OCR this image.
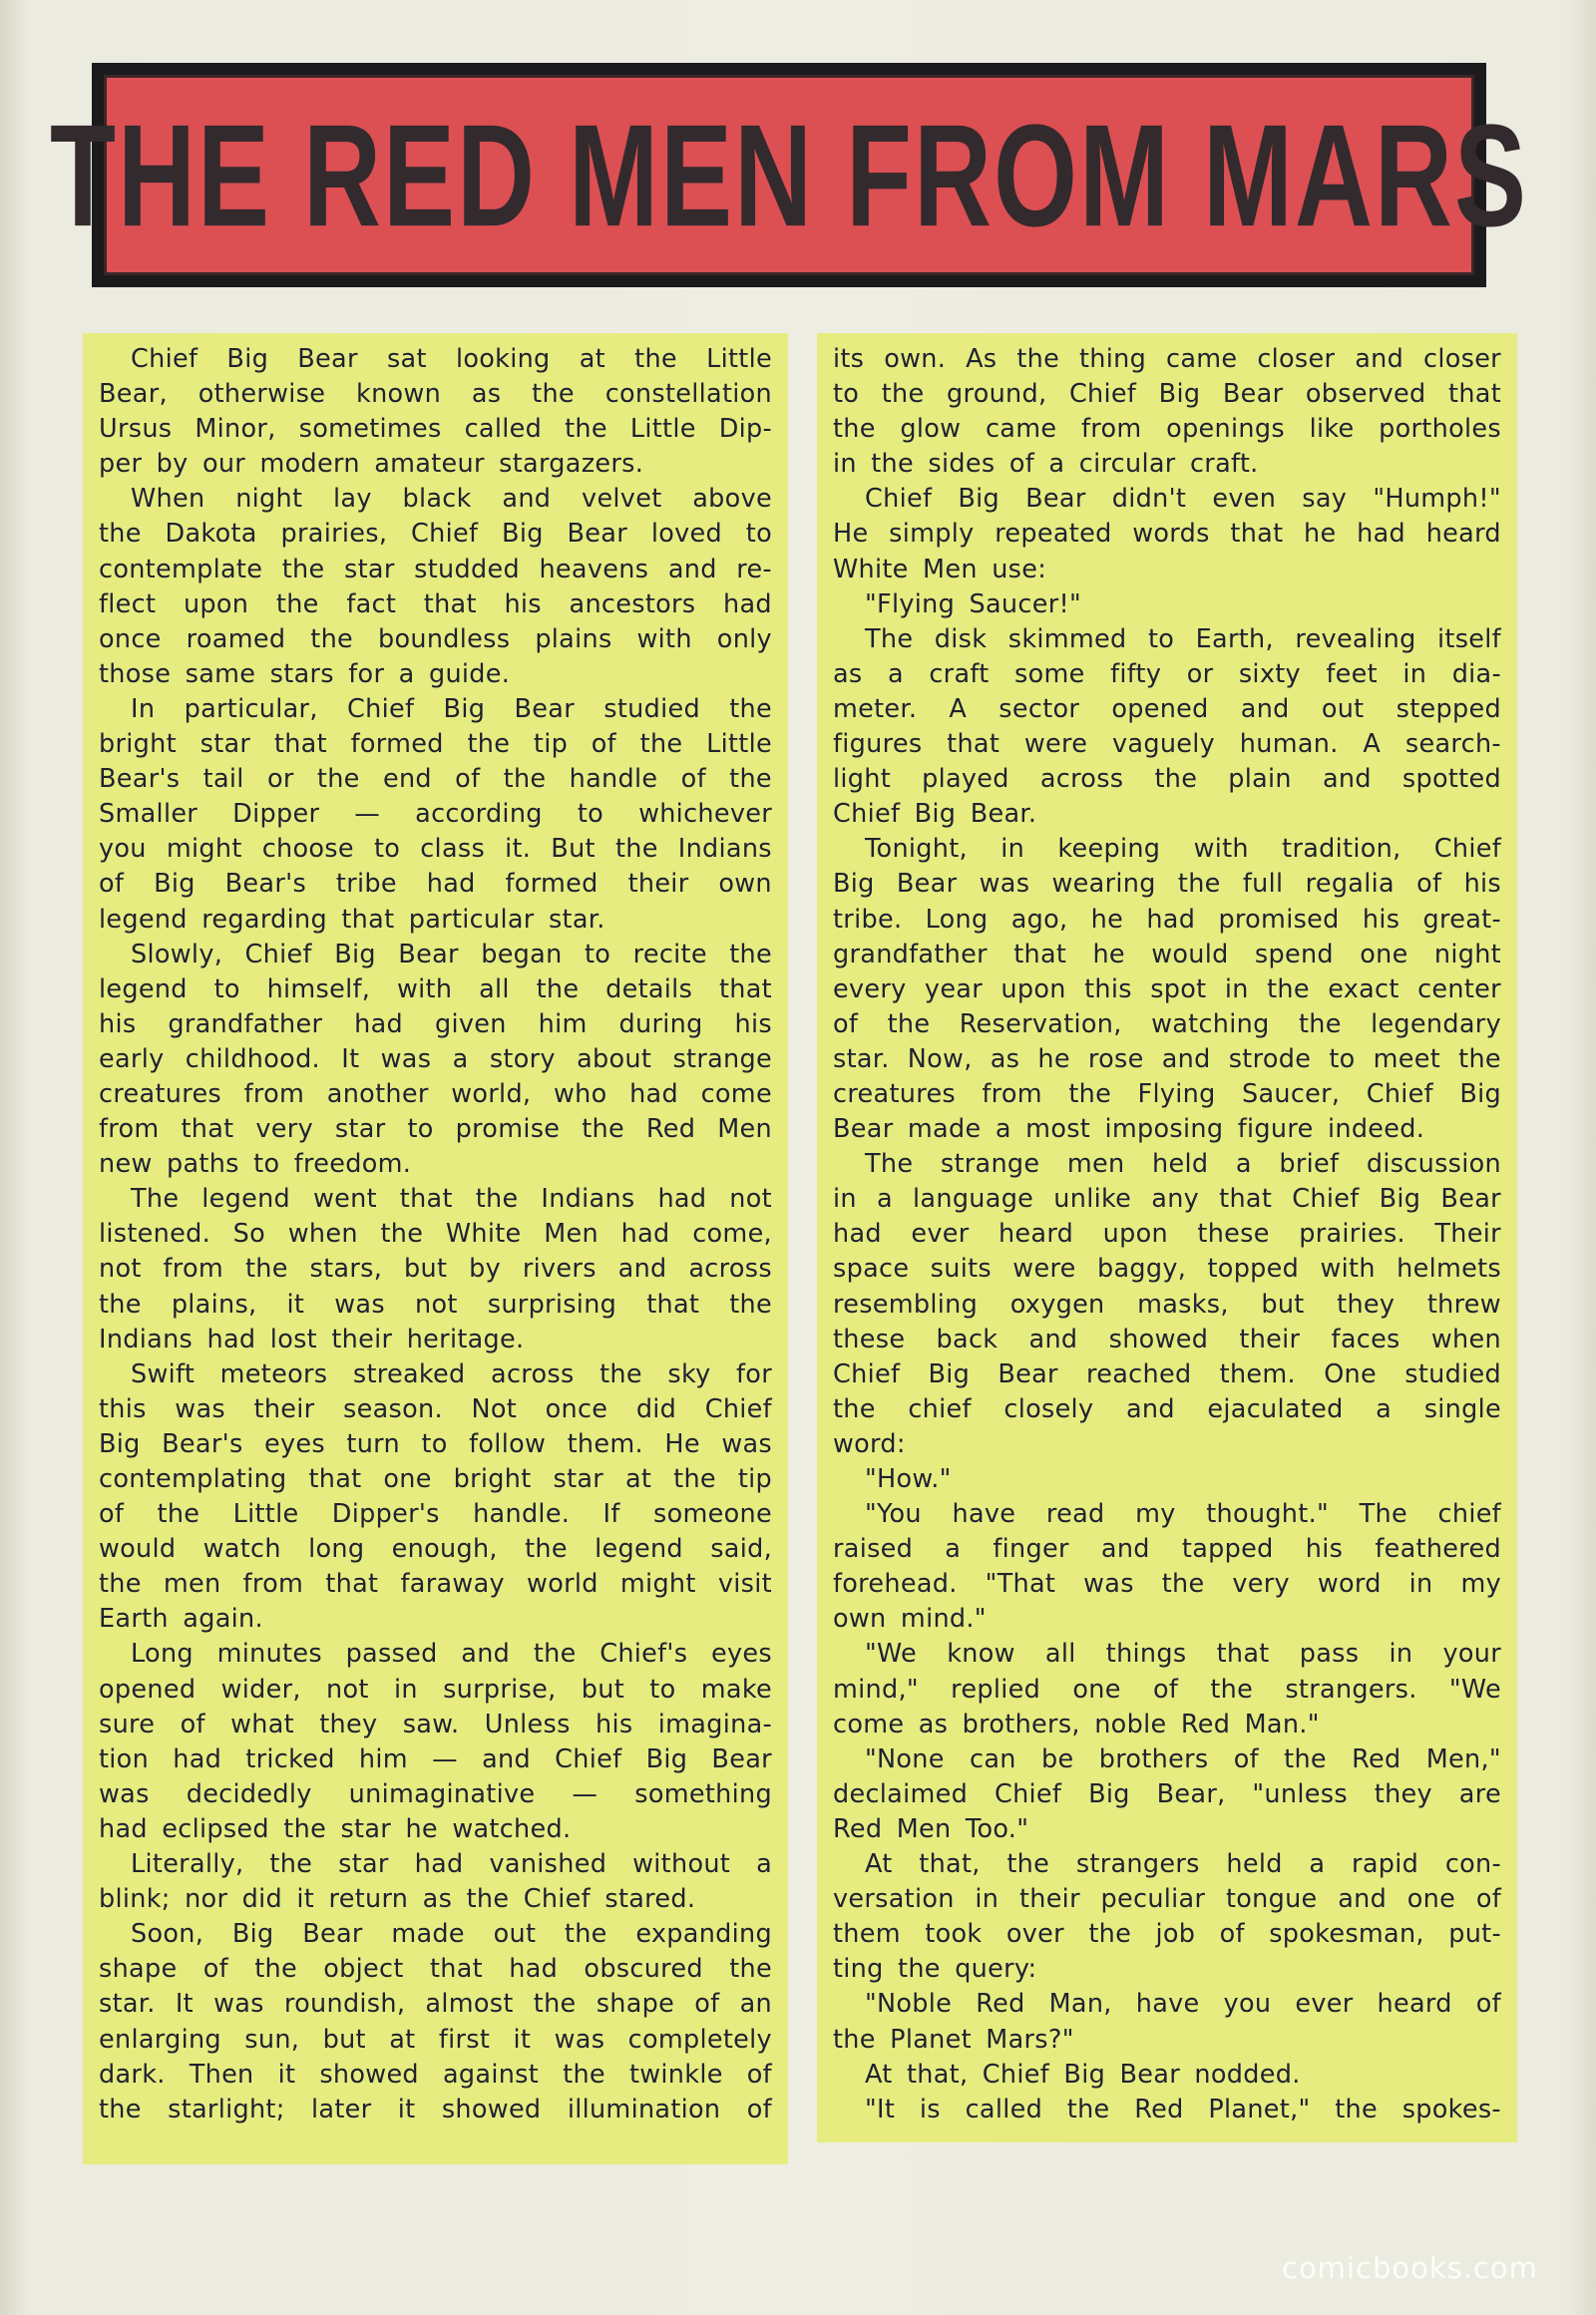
THE RED MEN FROM MARS
Chief Big Bear sat looking at the Little
Bear, otherwise known as the constellation
Ursus Minor, sometimes called the Little Dip-
per by our modern amateur stargazers.
When night lay black and velvet above
the Dakota prairies, Chief Big Bear loved to
contemplate the star studded heavens and re-
flect upon the fact that his ancestors had
once roamed the boundless plains with only
those same stars for a guide.
In particular, Chief Big Bear studied the
bright star that formed the tip of the Little
Bear's tail or the end of the handle of the
Smaller Dipper — according to whichever
you might choose to class it. But the Indians
of Big Bear's tribe had formed their own
legend regarding that particular star.
Slowly, Chief Big Bear began to recite the
legend to himself, with all the details that
his grandfather had given him during his
early childhood. It was a story about strange
creatures from another world, who had come
from that very star to promise the Red Men
new paths to freedom.
The legend went that the Indians had not
listened. So when the White Men had come,
not from the stars, but by rivers and across
the plains, it was not surprising that the
Indians had lost their heritage.
Swift meteors streaked across the sky for
this was their season. Not once did Chief
Big Bear's eyes turn to follow them. He was
contemplating that one bright star at the tip
of the Little Dipper's handle. If someone
would watch long enough, the legend said,
the men from that faraway world might visit
Earth again.
Long minutes passed and the Chief's eyes
opened wider, not in surprise, but to make
sure of what they saw. Unless his imagina-
tion had tricked him — and Chief Big Bear
was decidedly unimaginative — something
had eclipsed the star he watched.
Literally, the star had vanished without a
blink; nor did it return as the Chief stared.
Soon, Big Bear made out the expanding
shape of the object that had obscured the
star. It was roundish, almost the shape of an
enlarging sun, but at first it was completely
dark. Then it showed against the twinkle of
the starlight; later it showed illumination of
its own. As the thing came closer and closer
to the ground, Chief Big Bear observed that
the glow came from openings like portholes
in the sides of a circular craft.
Chief Big Bear didn't even say "Humph!"
He simply repeated words that he had heard
White Men use:
"Flying Saucer!"
The disk skimmed to Earth, revealing itself
as a craft some fifty or sixty feet in dia-
meter. A sector opened and out stepped
figures that were vaguely human. A search-
light played across the plain and spotted
Chief Big Bear.
Tonight, in keeping with tradition, Chief
Big Bear was wearing the full regalia of his
tribe. Long ago, he had promised his great-
grandfather that he would spend one night
every year upon this spot in the exact center
of the Reservation, watching the legendary
star. Now, as he rose and strode to meet the
creatures from the Flying Saucer, Chief Big
Bear made a most imposing figure indeed.
The strange men held a brief discussion
in a language unlike any that Chief Big Bear
had ever heard upon these prairies. Their
space suits were baggy, topped with helmets
resembling oxygen masks, but they threw
these back and showed their faces when
Chief Big Bear reached them. One studied
the chief closely and ejaculated a single
word:
"How."
"You have read my thought." The chief
raised a finger and tapped his feathered
forehead. "That was the very word in my
own mind."
"We know all things that pass in your
mind," replied one of the strangers. "We
come as brothers, noble Red Man."
"None can be brothers of the Red Men,"
declaimed Chief Big Bear, "unless they are
Red Men Too."
At that, the strangers held a rapid con-
versation in their peculiar tongue and one of
them took over the job of spokesman, put-
ting the query:
"Noble Red Man, have you ever heard of
the Planet Mars?"
At that, Chief Big Bear nodded.
"It is called the Red Planet," the spokes-
comicbooks.com
